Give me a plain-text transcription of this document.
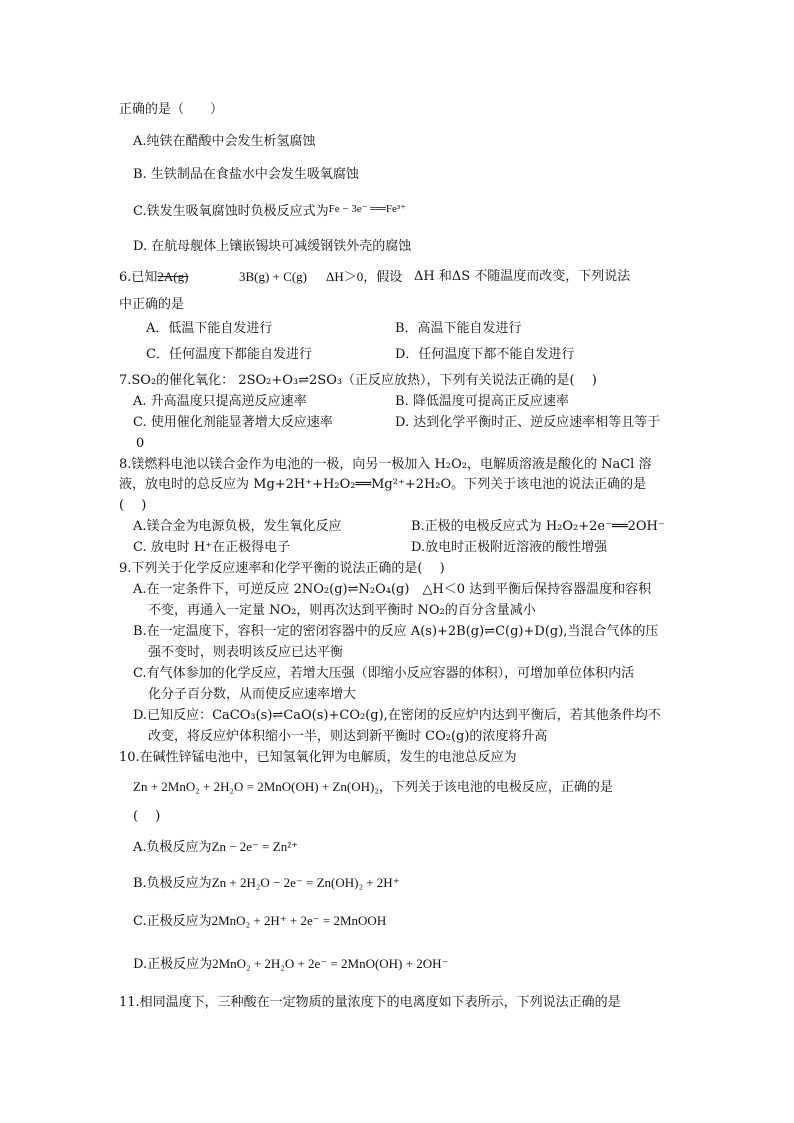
正确的是（　　）
A.纯铁在醋酸中会发生析氢腐蚀
B. 生铁制品在食盐水中会发生吸氧腐蚀
C.铁发生吸氧腐蚀时负极反应式为$^{Fe - 3e^- ══Fe^{3+}}$
D. 在航母舰体上镶嵌锡块可减缓钢铁外壳的腐蚀
6.已知2A(g)	3B(g) + C(g) ΔH＞0，假设 ΔH 和ΔS 不随温度而改变，下列说法
中正确的是
A．低温下能自发进行	B．高温下能自发进行
C．任何温度下都能自发进行	D．任何温度下都不能自发进行
7.SO₂的催化氧化： 2SO₂+O₃⇌2SO₃（正反应放热），下列有关说法正确的是(　 )
A. 升高温度只提高逆反应速率	B. 降低温度可提高正反应速率
C. 使用催化剂能显著增大反应速率	D. 达到化学平衡时正、逆反应速率相等且等于
0
8.镁燃料电池以镁合金作为电池的一极，向另一极加入 H₂O₂，电解质溶液是酸化的 NaCl 溶
液，放电时的总反应为 Mg+2H⁺+H₂O₂══Mg²⁺+2H₂O。下列关于该电池的说法正确的是
(　 )
A.镁合金为电源负极，发生氧化反应	B.正极的电极反应式为 H₂O₂+2e⁻══2OH⁻
C. 放电时 H⁺在正极得电子	D.放电时正极附近溶液的酸性增强
9.下列关于化学反应速率和化学平衡的说法正确的是(　 )
A.在一定条件下，可逆反应 2NO₂(g)⇌N₂O₄(g)　△H＜0 达到平衡后保持容器温度和容积
不变，再通入一定量 NO₂，则再次达到平衡时 NO₂的百分含量减小
B.在一定温度下，容积一定的密闭容器中的反应 A(s)+2B(g)⇌C(g)+D(g),当混合气体的压
强不变时，则表明该反应已达平衡
C.有气体参加的化学反应，若增大压强（即缩小反应容器的体积），可增加单位体积内活
化分子百分数，从而使反应速率增大
D.已知反应：CaCO₃(s)⇌CaO(s)+CO₂(g),在密闭的反应炉内达到平衡后，若其他条件均不
改变，将反应炉体积缩小一半，则达到新平衡时 CO₂(g)的浓度将升高
10.在碱性锌锰电池中，已知氢氧化钾为电解质，发生的电池总反应为
Zn + 2MnO₂ + 2H₂O = 2MnO(OH) + Zn(OH)₂，下列关于该电池的电极反应，正确的是
(　 )
A.负极反应为Zn − 2e⁻ = Zn²⁺
B.负极反应为Zn + 2H₂O − 2e⁻ = Zn(OH)₂ + 2H⁺
C.正极反应为2MnO₂ + 2H⁺ + 2e⁻ = 2MnOOH
D.正极反应为2MnO₂ + 2H₂O + 2e⁻ = 2MnO(OH) + 2OH⁻
11.相同温度下，三种酸在一定物质的量浓度下的电离度如下表所示，下列说法正确的是
